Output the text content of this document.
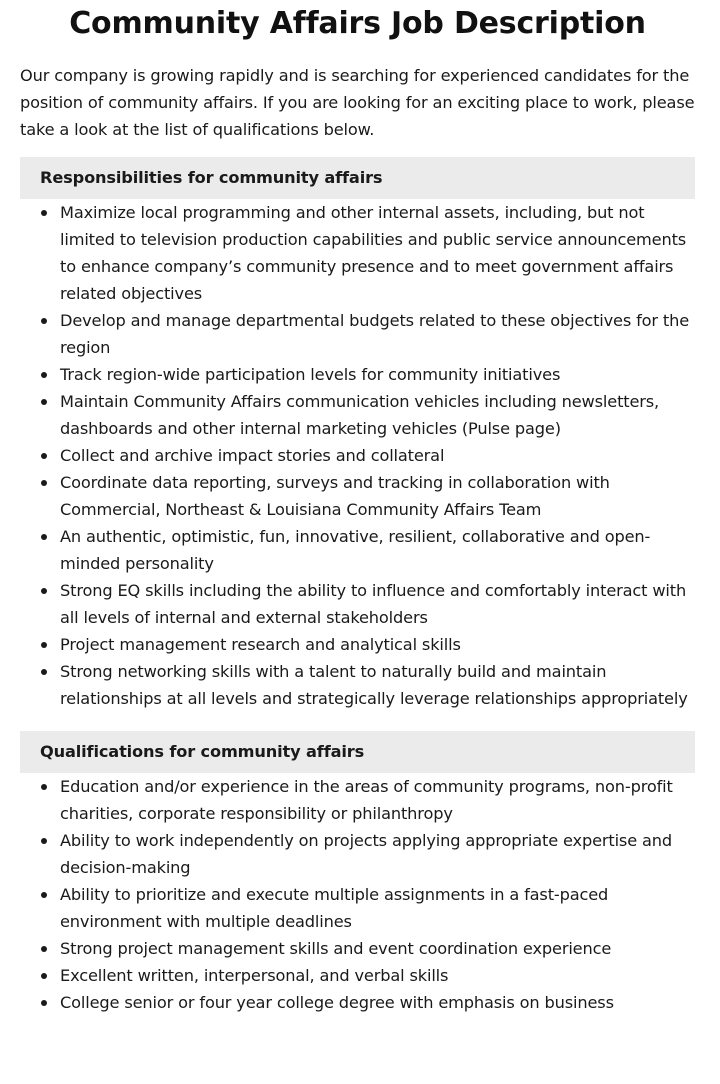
Community Affairs Job Description

Our company is growing rapidly and is searching for experienced candidates for the position of community affairs. If you are looking for an exciting place to work, please take a look at the list of qualifications below.

Responsibilities for community affairs
Maximize local programming and other internal assets, including, but not limited to television production capabilities and public service announcements to enhance company’s community presence and to meet government affairs related objectives
Develop and manage departmental budgets related to these objectives for the region
Track region-wide participation levels for community initiatives
Maintain Community Affairs communication vehicles including newsletters, dashboards and other internal marketing vehicles (Pulse page)
Collect and archive impact stories and collateral
Coordinate data reporting, surveys and tracking in collaboration with Commercial, Northeast & Louisiana Community Affairs Team
An authentic, optimistic, fun, innovative, resilient, collaborative and open-minded personality
Strong EQ skills including the ability to influence and comfortably interact with all levels of internal and external stakeholders
Project management research and analytical skills
Strong networking skills with a talent to naturally build and maintain relationships at all levels and strategically leverage relationships appropriately
Qualifications for community affairs
Education and/or experience in the areas of community programs, non-profit charities, corporate responsibility or philanthropy
Ability to work independently on projects applying appropriate expertise and decision-making
Ability to prioritize and execute multiple assignments in a fast-paced environment with multiple deadlines
Strong project management skills and event coordination experience
Excellent written, interpersonal, and verbal skills
College senior or four year college degree with emphasis on business
